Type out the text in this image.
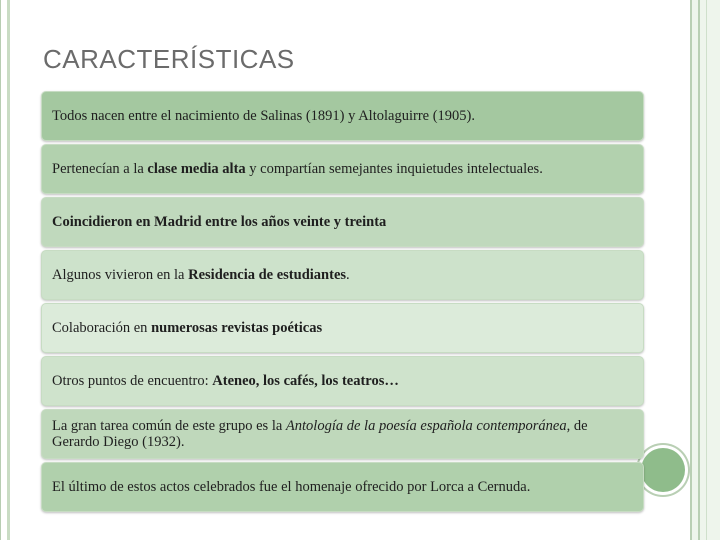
CARACTERÍSTICAS
Todos nacen entre el nacimiento de Salinas (1891) y Altolaguirre (1905).
Pertenecían a la clase media alta y compartían semejantes inquietudes intelectuales.
Coincidieron en Madrid entre los años veinte y treinta
Algunos vivieron en la Residencia de estudiantes.
Colaboración en numerosas revistas poéticas
Otros puntos de encuentro: Ateneo, los cafés, los teatros…
La gran tarea común de este grupo es la Antología de la poesía española contemporánea, de Gerardo Diego (1932).
El último de estos actos celebrados fue el homenaje ofrecido por Lorca a Cernuda.
